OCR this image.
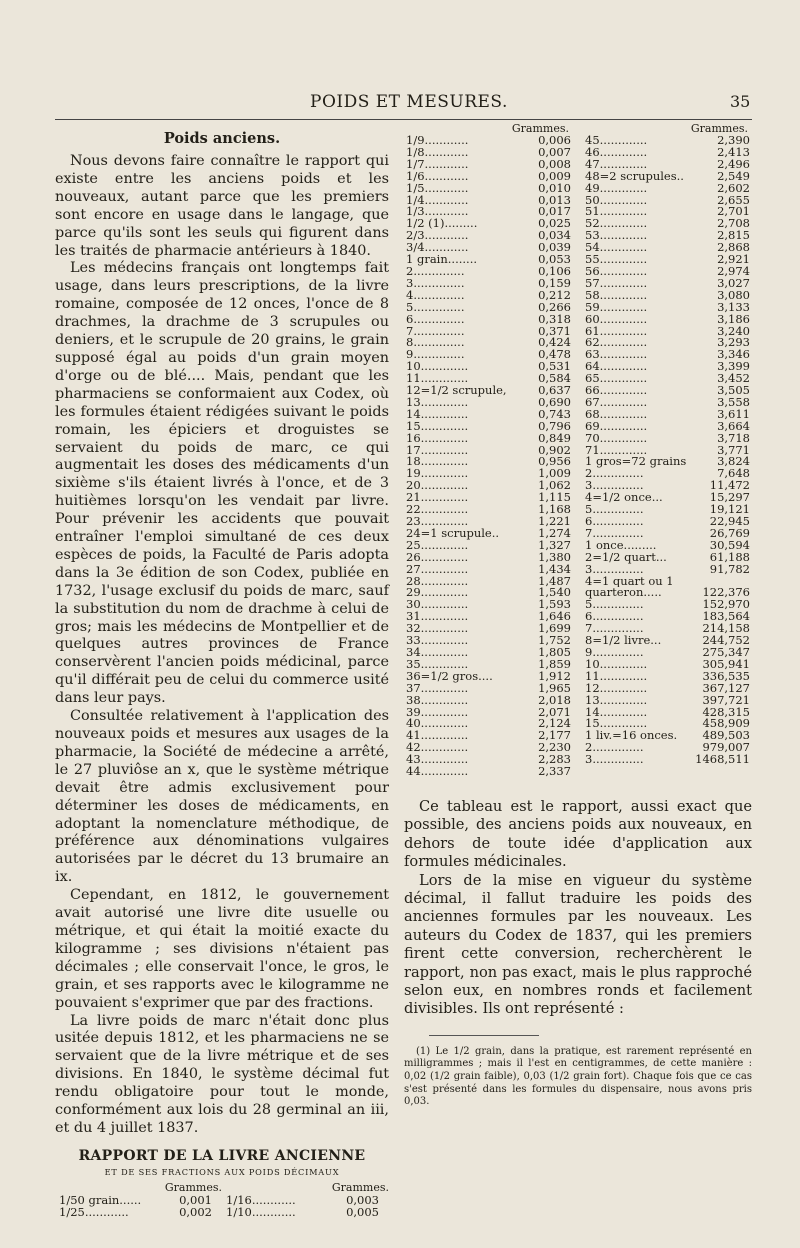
POIDS ET MESURES.	35
Poids anciens.

Nous devons faire connaître le rapport qui existe entre les anciens poids et les nouveaux, autant parce que les premiers sont encore en usage dans le langage, que parce qu'ils sont les seuls qui figurent dans les traités de pharmacie antérieurs à 1840.

Les médecins français ont longtemps fait usage, dans leurs prescriptions, de la livre romaine, composée de 12 onces, l'once de 8 drachmes, la drachme de 3 scrupules ou deniers, et le scrupule de 20 grains, le grain supposé égal au poids d'un grain moyen d'orge ou de blé.... Mais, pendant que les pharmaciens se conformaient aux Codex, où les formules étaient rédigées suivant le poids romain, les épiciers et droguistes se servaient du poids de marc, ce qui augmentait les doses des médicaments d'un sixième s'ils étaient livrés à l'once, et de 3 huitièmes lorsqu'on les vendait par livre. Pour prévenir les accidents que pouvait entraîner l'emploi simultané de ces deux espèces de poids, la Faculté de Paris adopta dans la 3e édition de son Codex, publiée en 1732, l'usage exclusif du poids de marc, sauf la substitution du nom de drachme à celui de gros; mais les médecins de Montpellier et de quelques autres provinces de France conservèrent l'ancien poids médicinal, parce qu'il différait peu de celui du commerce usité dans leur pays.

Consultée relativement à l'application des nouveaux poids et mesures aux usages de la pharmacie, la Société de médecine a arrêté, le 27 pluviôse an x, que le système métrique devait être admis exclusivement pour déterminer les doses de médicaments, en adoptant la nomenclature méthodique, de préférence aux dénominations vulgaires autorisées par le décret du 13 brumaire an ix.

Cependant, en 1812, le gouvernement avait autorisé une livre dite usuelle ou métrique, et qui était la moitié exacte du kilogramme ; ses divisions n'étaient pas décimales ; elle conservait l'once, le gros, le grain, et ses rapports avec le kilogramme ne pouvaient s'exprimer que par des fractions.

La livre poids de marc n'était donc plus usitée depuis 1812, et les pharmaciens ne se servaient que de la livre métrique et de ses divisions. En 1840, le système décimal fut rendu obligatoire pour tout le monde, conformément aux lois du 28 germinal an iii, et du 4 juillet 1837.

RAPPORT DE LA LIVRE ANCIENNE
ET DE SES FRACTIONS AUX POIDS DÉCIMAUX
Grammes.
1/50 grain......	0,001
1/25............	0,002
Grammes.
1/16............	0,003
1/10............	0,005
Grammes.
1/9............	0,006
1/8............	0,007
1/7............	0,008
1/6............	0,009
1/5............	0,010
1/4............	0,013
1/3............	0,017
1/2 (1).........	0,025
2/3............	0,034
3/4............	0,039
1 grain........	0,053
2..............	0,106
3..............	0,159
4..............	0,212
5..............	0,266
6..............	0,318
7..............	0,371
8..............	0,424
9..............	0,478
10.............	0,531
11.............	0,584
12=1/2 scrupule,	0,637
13.............	0,690
14.............	0,743
15.............	0,796
16.............	0,849
17.............	0,902
18.............	0,956
19.............	1,009
20.............	1,062
21.............	1,115
22.............	1,168
23.............	1,221
24=1 scrupule..	1,274
25.............	1,327
26.............	1,380
27.............	1,434
28.............	1,487
29.............	1,540
30.............	1,593
31.............	1,646
32.............	1,699
33.............	1,752
34.............	1,805
35.............	1,859
36=1/2 gros....	1,912
37.............	1,965
38.............	2,018
39.............	2,071
40.............	2,124
41.............	2,177
42.............	2,230
43.............	2,283
44.............	2,337
Grammes.
45.............	2,390
46.............	2,413
47.............	2,496
48=2 scrupules..	2,549
49.............	2,602
50.............	2,655
51.............	2,701
52.............	2,708
53.............	2,815
54.............	2,868
55.............	2,921
56.............	2,974
57.............	3,027
58.............	3,080
59.............	3,133
60.............	3,186
61.............	3,240
62.............	3,293
63.............	3,346
64.............	3,399
65.............	3,452
66.............	3,505
67.............	3,558
68.............	3,611
69.............	3,664
70.............	3,718
71.............	3,771
1 gros=72 grains	3,824
2..............	7,648
3..............	11,472
4=1/2 once...	15,297
5..............	19,121
6..............	22,945
7..............	26,769
1 once.........	30,594
2=1/2 quart...	61,188
3..............	91,782
4=1 quart ou 1
quarteron.....	122,376
5..............	152,970
6..............	183,564
7..............	214,158
8=1/2 livre...	244,752
9..............	275,347
10.............	305,941
11.............	336,535
12.............	367,127
13.............	397,721
14.............	428,315
15.............	458,909
1 liv.=16 onces. 489,503
2..............	979,007
3..............	1468,511

Ce tableau est le rapport, aussi exact que possible, des anciens poids aux nouveaux, en dehors de toute idée d'application aux formules médicinales.

Lors de la mise en vigueur du système décimal, il fallut traduire les poids des anciennes formules par les nouveaux. Les auteurs du Codex de 1837, qui les premiers firent cette conversion, recherchèrent le rapport, non pas exact, mais le plus rapproché selon eux, en nombres ronds et facilement divisibles. Ils ont représenté :

(1) Le 1/2 grain, dans la pratique, est rarement représenté en milligrammes ; mais il l'est en centigrammes, de cette manière : 0,02 (1/2 grain faible), 0,03 (1/2 grain fort). Chaque fois que ce cas s'est présenté dans les formules du dispensaire, nous avons pris 0,03.
